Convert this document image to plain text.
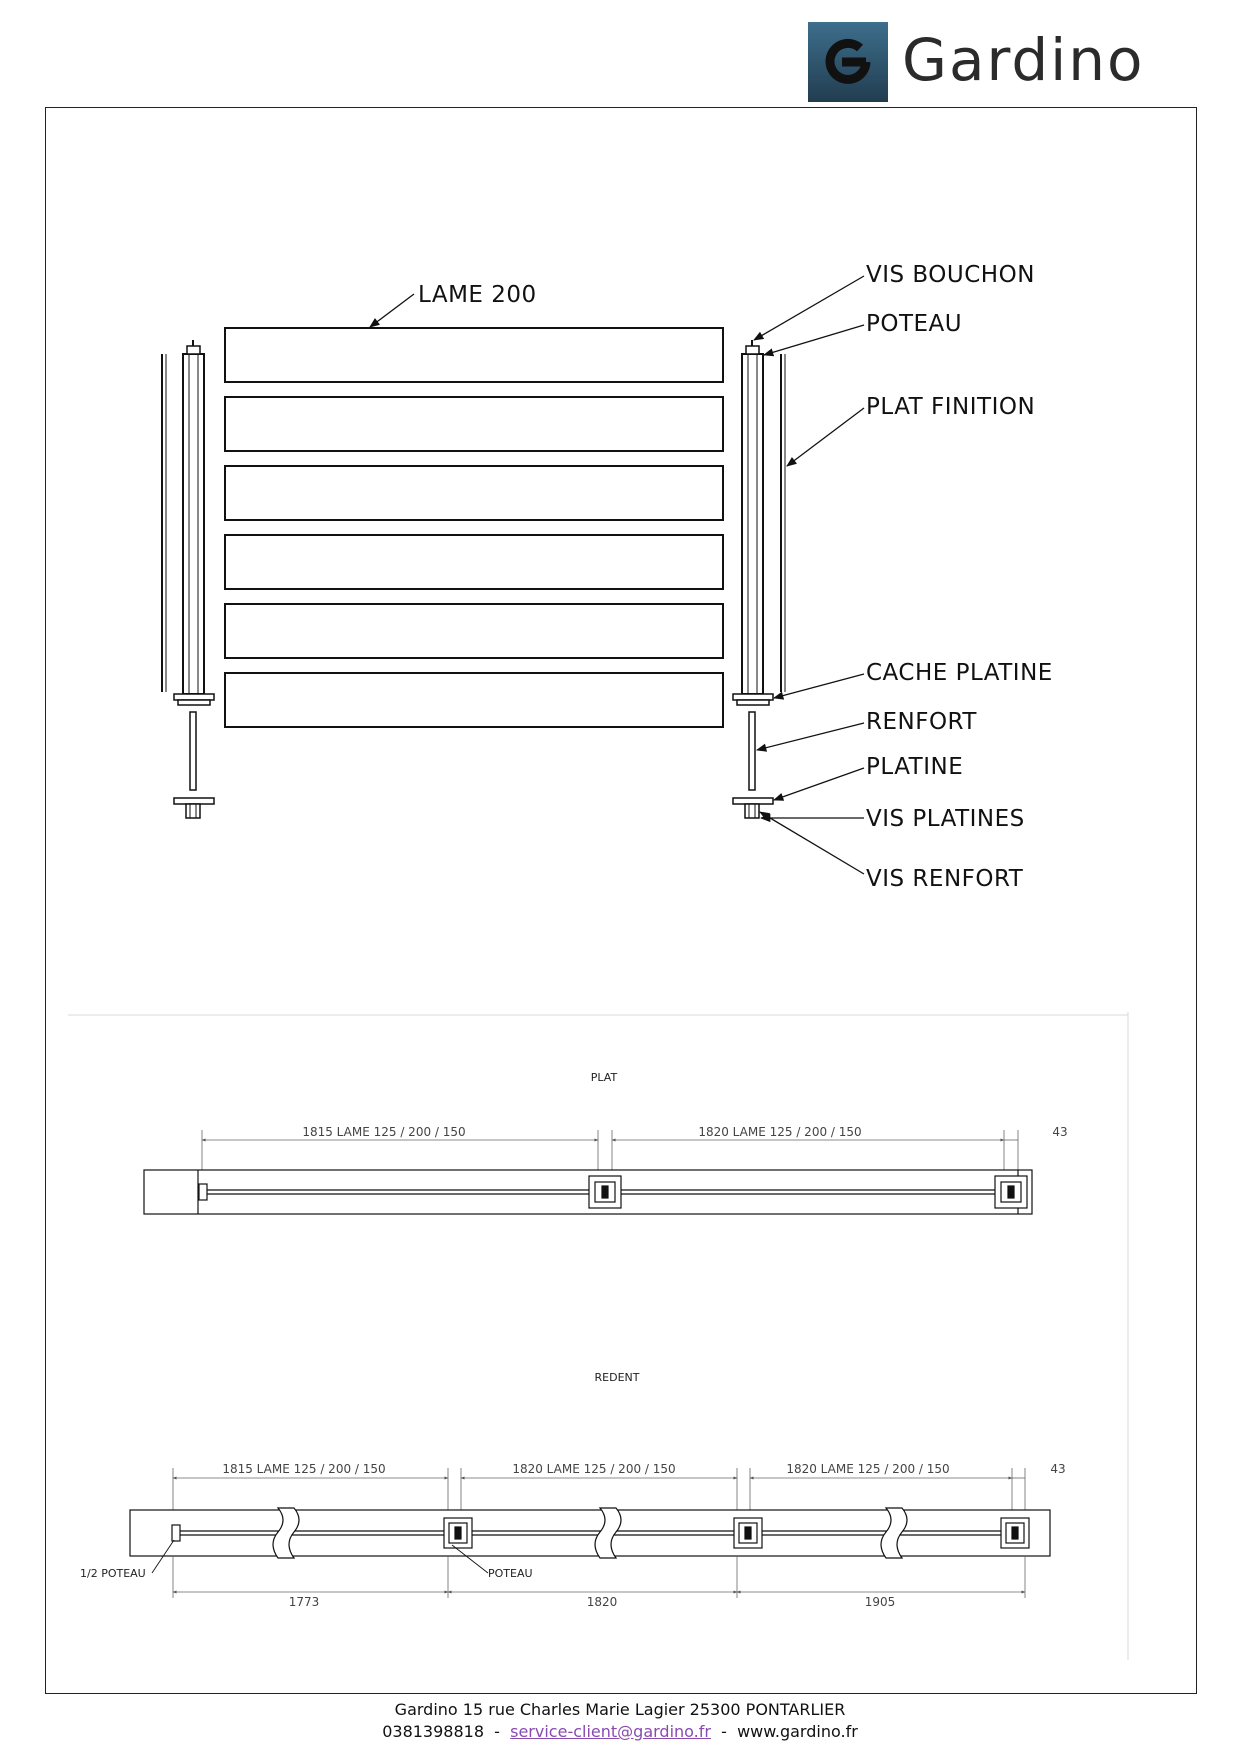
Gardino
LAME 200
VIS BOUCHON
POTEAU
PLAT FINITION
CACHE PLATINE
RENFORT
PLATINE
VIS PLATINES
VIS RENFORT
PLAT
1815 LAME 125 / 200 / 150	1820 LAME 125 / 200 / 150	43
REDENT
1815 LAME 125 / 200 / 150	1820 LAME 125 / 200 / 150	1820 LAME 125 / 200 / 150	43
1/2 POTEAU	POTEAU
1773	1820	1905
Gardino 15 rue Charles Marie Lagier 25300 PONTARLIER
0381398818  -  service-client@gardino.fr  -  www.gardino.fr
